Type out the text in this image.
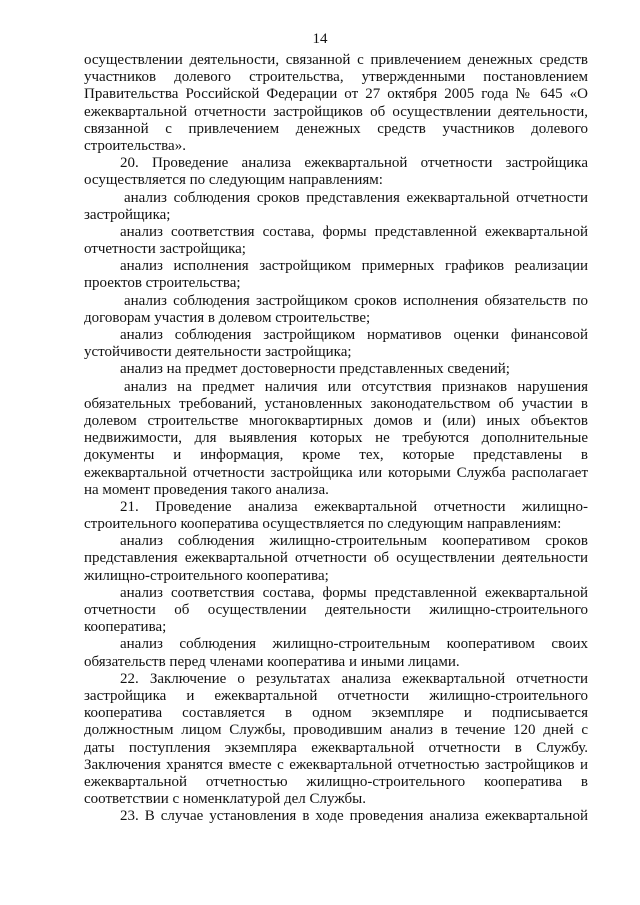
14
осуществлении деятельности, связанной с привлечением денежных средств
участников долевого строительства, утвержденными постановлением
Правительства Российской Федерации от 27 октября 2005 года № 645 «О
ежеквартальной отчетности застройщиков об осуществлении деятельности,
связанной с привлечением денежных средств участников долевого
строительства».
20. Проведение анализа ежеквартальной отчетности застройщика
осуществляется по следующим направлениям:
анализ соблюдения сроков представления ежеквартальной отчетности
застройщика;
анализ соответствия состава, формы представленной ежеквартальной
отчетности застройщика;
анализ исполнения застройщиком примерных графиков реализации
проектов строительства;
анализ соблюдения застройщиком сроков исполнения обязательств по
договорам участия в долевом строительстве;
анализ соблюдения застройщиком нормативов оценки финансовой
устойчивости деятельности застройщика;
анализ на предмет достоверности представленных сведений;
анализ на предмет наличия или отсутствия признаков нарушения
обязательных требований, установленных законодательством об участии в
долевом строительстве многоквартирных домов и (или) иных объектов
недвижимости, для выявления которых не требуются дополнительные
документы и информация, кроме тех, которые представлены в
ежеквартальной отчетности застройщика или которыми Служба располагает
на момент проведения такого анализа.
21. Проведение анализа ежеквартальной отчетности жилищно-
строительного кооператива осуществляется по следующим направлениям:
анализ соблюдения жилищно-строительным кооперативом сроков
представления ежеквартальной отчетности об осуществлении деятельности
жилищно-строительного кооператива;
анализ соответствия состава, формы представленной ежеквартальной
отчетности об осуществлении деятельности жилищно-строительного
кооператива;
анализ соблюдения жилищно-строительным кооперативом своих
обязательств перед членами кооператива и иными лицами.
22. Заключение о результатах анализа ежеквартальной отчетности
застройщика и ежеквартальной отчетности жилищно-строительного
кооператива составляется в одном экземпляре и подписывается
должностным лицом Службы, проводившим анализ в течение 120 дней с
даты поступления экземпляра ежеквартальной отчетности в Службу.
Заключения хранятся вместе с ежеквартальной отчетностью застройщиков и
ежеквартальной отчетностью жилищно-строительного кооператива в
соответствии с номенклатурой дел Службы.
23. В случае установления в ходе проведения анализа ежеквартальной
